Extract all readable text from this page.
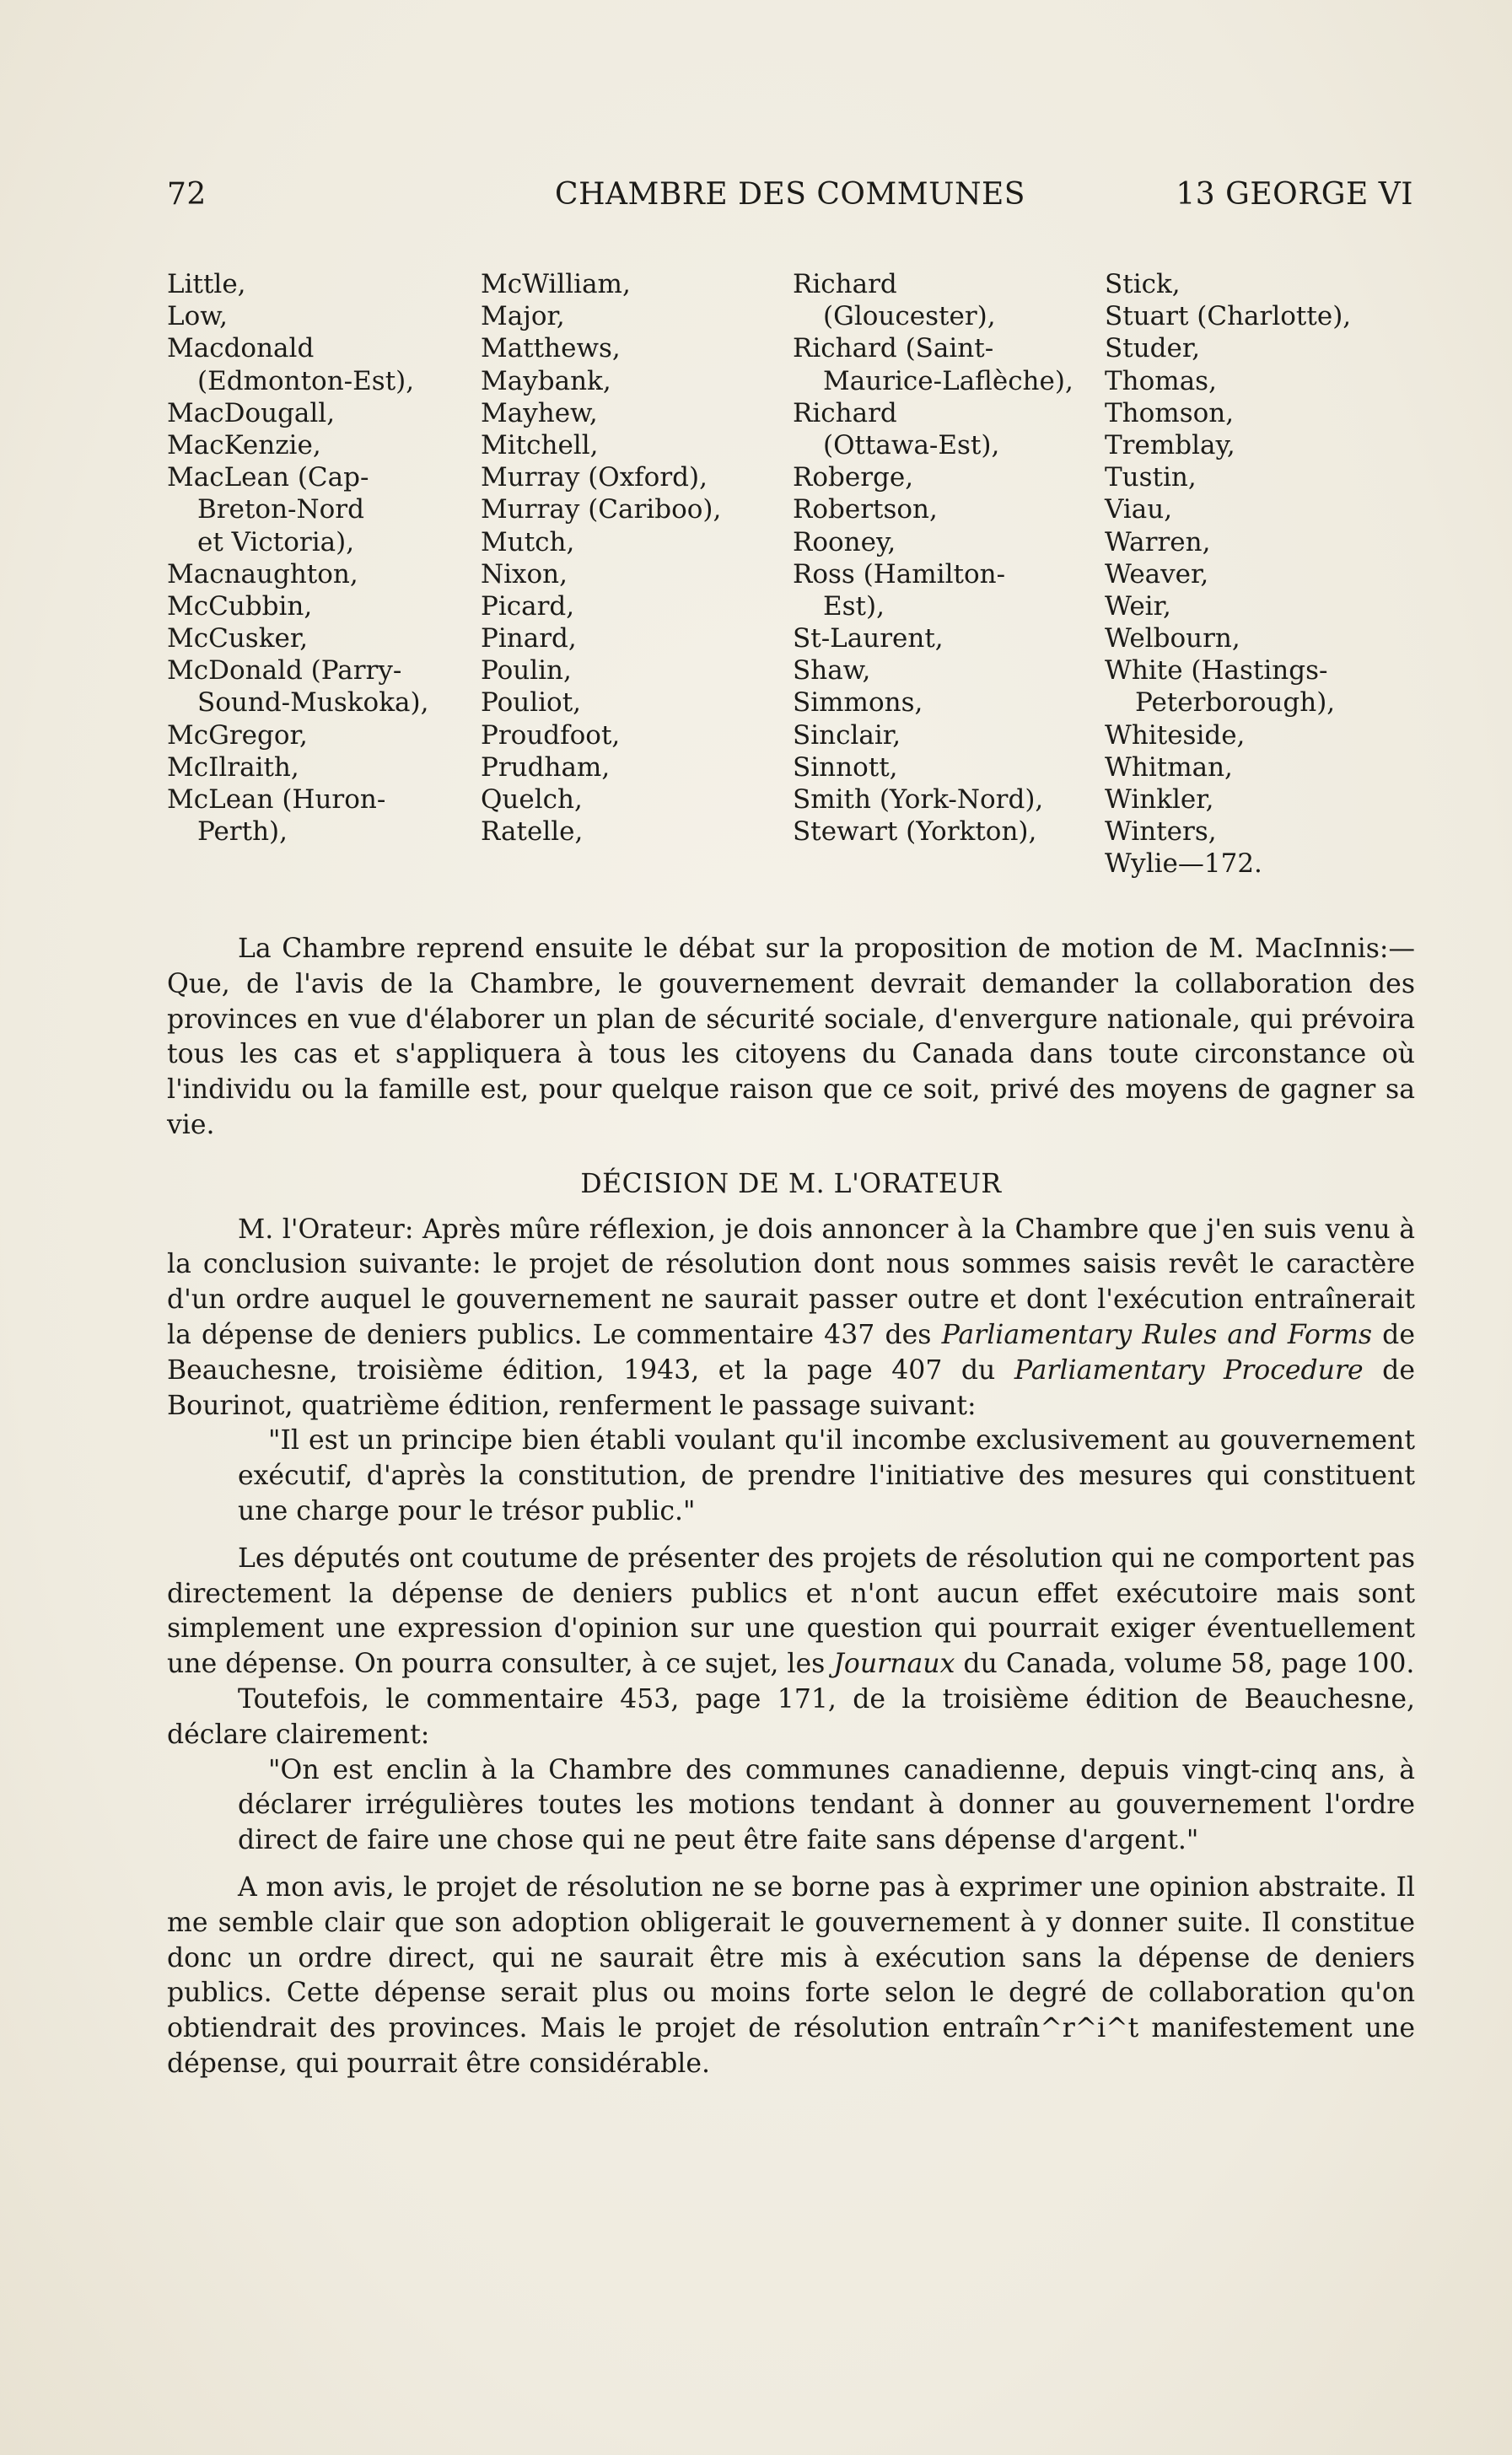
72	CHAMBRE DES COMMUNES	13 GEORGE VI
Little,
Low,
Macdonald
(Edmonton-Est),
MacDougall,
MacKenzie,
MacLean (Cap-
Breton-Nord
et Victoria),
Macnaughton,
McCubbin,
McCusker,
McDonald (Parry-
Sound-Muskoka),
McGregor,
McIlraith,
McLean (Huron-
Perth),
McWilliam,
Major,
Matthews,
Maybank,
Mayhew,
Mitchell,
Murray (Oxford),
Murray (Cariboo),
Mutch,
Nixon,
Picard,
Pinard,
Poulin,
Pouliot,
Proudfoot,
Prudham,
Quelch,
Ratelle,
Richard
(Gloucester),
Richard (Saint-
Maurice-Laflèche),
Richard
(Ottawa-Est),
Roberge,
Robertson,
Rooney,
Ross (Hamilton-
Est),
St-Laurent,
Shaw,
Simmons,
Sinclair,
Sinnott,
Smith (York-Nord),
Stewart (Yorkton),
Stick,
Stuart (Charlotte),
Studer,
Thomas,
Thomson,
Tremblay,
Tustin,
Viau,
Warren,
Weaver,
Weir,
Welbourn,
White (Hastings-
Peterborough),
Whiteside,
Whitman,
Winkler,
Winters,
Wylie—172.

La Chambre reprend ensuite le débat sur la proposition de motion de M. MacInnis:—Que, de l'avis de la Chambre, le gouvernement devrait demander la collaboration des provinces en vue d'élaborer un plan de sécurité sociale, d'envergure nationale, qui prévoira tous les cas et s'appliquera à tous les citoyens du Canada dans toute circonstance où l'individu ou la famille est, pour quelque raison que ce soit, privé des moyens de gagner sa vie.

DÉCISION DE M. L'ORATEUR

M. l'Orateur: Après mûre réflexion, je dois annoncer à la Chambre que j'en suis venu à la conclusion suivante: le projet de résolution dont nous sommes saisis revêt le caractère d'un ordre auquel le gouvernement ne saurait passer outre et dont l'exécution entraînerait la dépense de deniers publics. Le commentaire 437 des Parliamentary Rules and Forms de Beauchesne, troisième édition, 1943, et la page 407 du Parliamentary Procedure de Bourinot, quatrième édition, renferment le passage suivant:

"Il est un principe bien établi voulant qu'il incombe exclusivement au gouvernement exécutif, d'après la constitution, de prendre l'initiative des mesures qui constituent une charge pour le trésor public."

Les députés ont coutume de présenter des projets de résolution qui ne comportent pas directement la dépense de deniers publics et n'ont aucun effet exécutoire mais sont simplement une expression d'opinion sur une question qui pourrait exiger éventuellement une dépense. On pourra consulter, à ce sujet, les Journaux du Canada, volume 58, page 100.

Toutefois, le commentaire 453, page 171, de la troisième édition de Beauchesne, déclare clairement:

"On est enclin à la Chambre des communes canadienne, depuis vingt-cinq ans, à déclarer irrégulières toutes les motions tendant à donner au gouvernement l'ordre direct de faire une chose qui ne peut être faite sans dépense d'argent."

A mon avis, le projet de résolution ne se borne pas à exprimer une opinion abstraite. Il me semble clair que son adoption obligerait le gouvernement à y donner suite. Il constitue donc un ordre direct, qui ne saurait être mis à exécution sans la dépense de deniers publics. Cette dépense serait plus ou moins forte selon le degré de collaboration qu'on obtiendrait des provinces. Mais le projet de résolution entraîn^r^i^t manifestement une dépense, qui pourrait être considérable.
